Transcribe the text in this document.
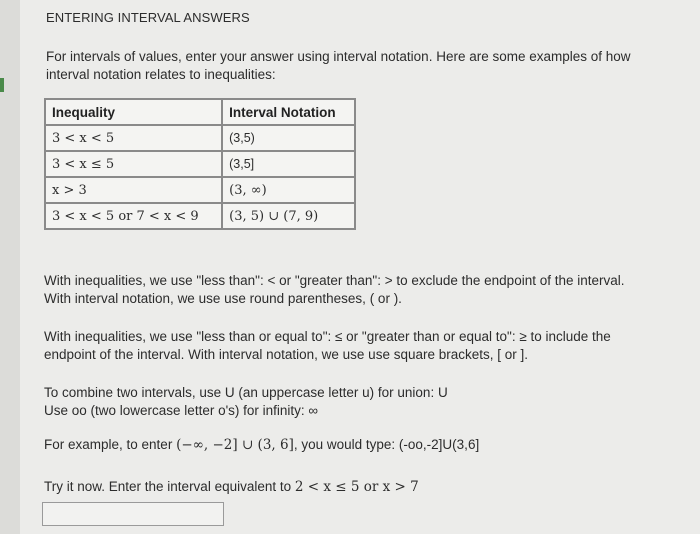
ENTERING INTERVAL ANSWERS
For intervals of values, enter your answer using interval notation. Here are some examples of how interval notation relates to inequalities:
Inequality	Interval Notation
3 < x < 5	(3,5)
3 < x ≤ 5	(3,5]
x > 3	(3, ∞)
3 < x < 5 or 7 < x < 9	(3, 5) ∪ (7, 9)
With inequalities, we use "less than": < or "greater than": > to exclude the endpoint of the interval.
With interval notation, we use use round parentheses, ( or ).
With inequalities, we use "less than or equal to": ≤ or "greater than or equal to": ≥ to include the
endpoint of the interval. With interval notation, we use use square brackets, [ or ].
To combine two intervals, use U (an uppercase letter u) for union: U
Use oo (two lowercase letter o's) for infinity: ∞
For example, to enter (−∞, −2] ∪ (3, 6], you would type: (-oo,-2]U(3,6]
Try it now. Enter the interval equivalent to 2 < x ≤ 5 or x > 7
